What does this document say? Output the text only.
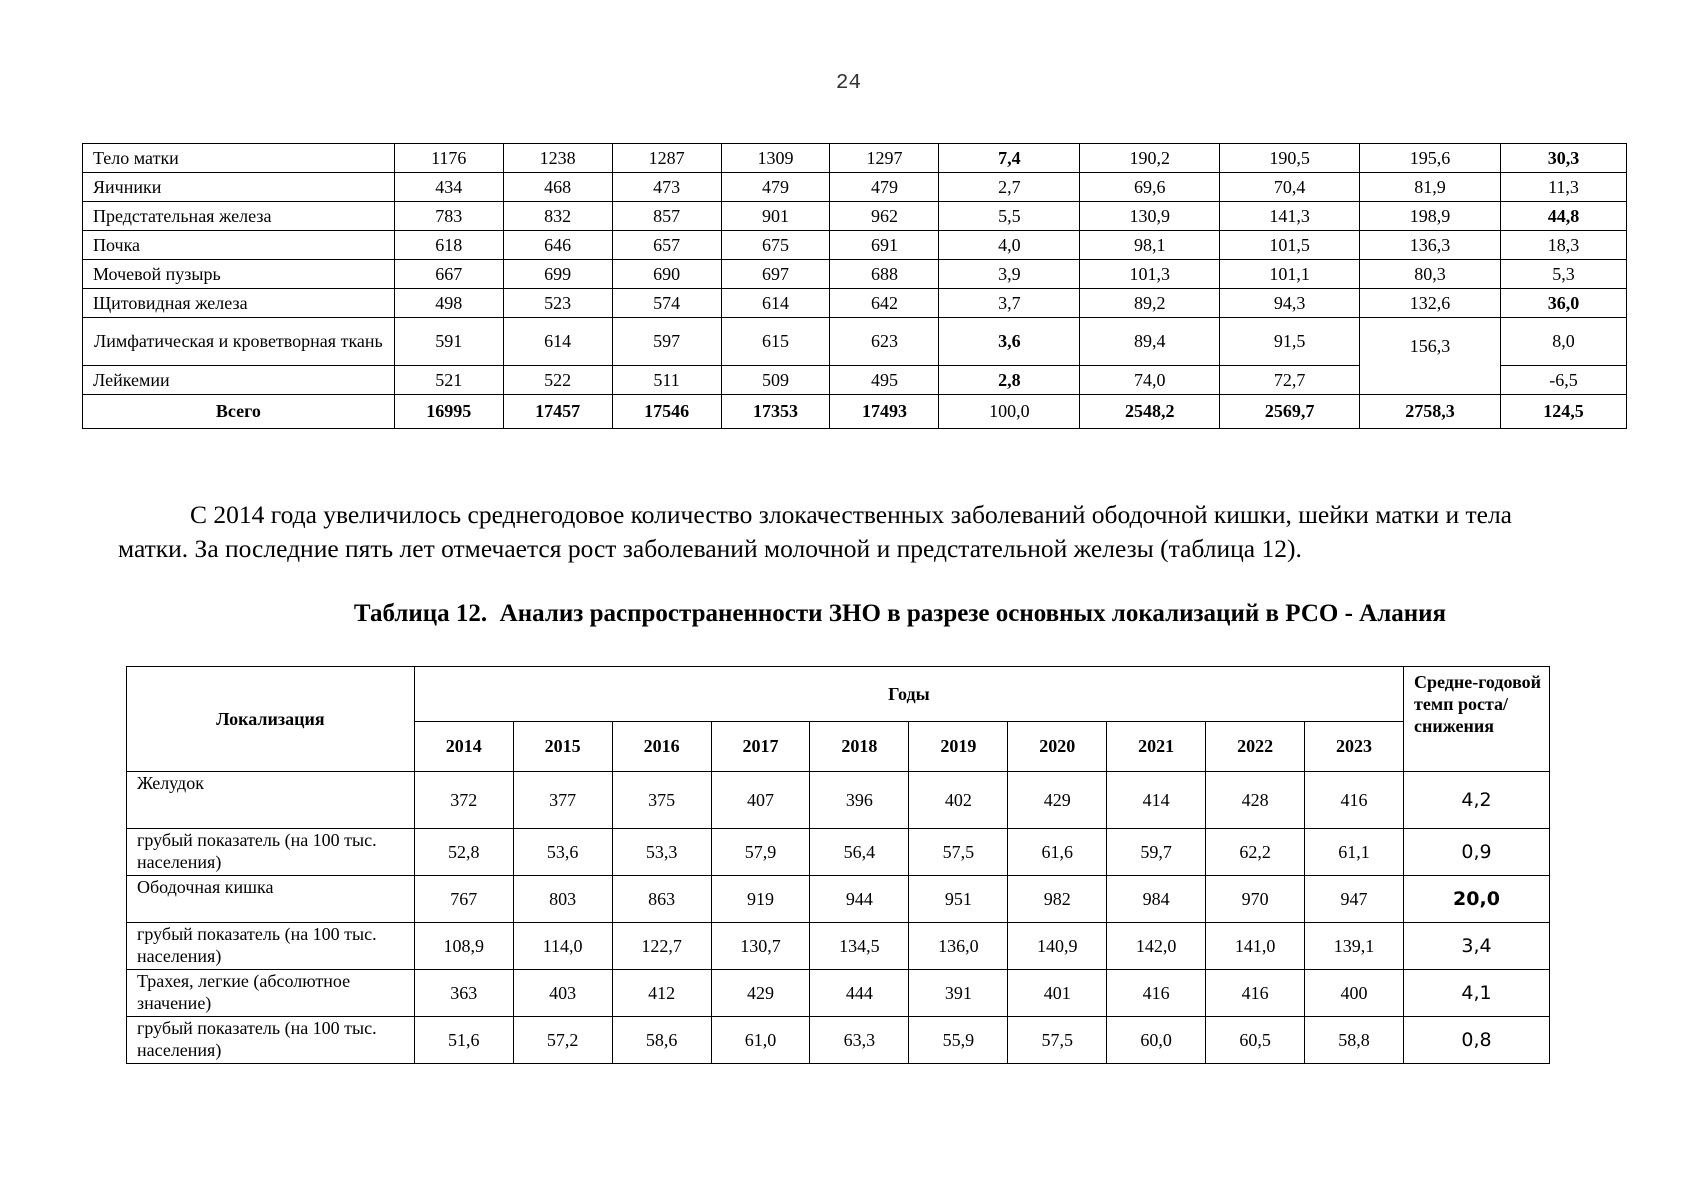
24
Тело матки	1176	1238	1287	1309	1297	7,4	190,2	190,5	195,6	30,3
Яичники	434	468	473	479	479	2,7	69,6	70,4	81,9	11,3
Предстательная железа	783	832	857	901	962	5,5	130,9	141,3	198,9	44,8
Почка	618	646	657	675	691	4,0	98,1	101,5	136,3	18,3
Мочевой пузырь	667	699	690	697	688	3,9	101,3	101,1	80,3	5,3
Щитовидная железа	498	523	574	614	642	3,7	89,2	94,3	132,6	36,0
Лимфатическая и кроветворная ткань	591	614	597	615	623	3,6	89,4	91,5	156,3	8,0
Лейкемии	521	522	511	509	495	2,8	74,0	72,7		-6,5
Всего	16995	17457	17546	17353	17493	100,0	2548,2	2569,7	2758,3	124,5

С 2014 года увеличилось среднегодовое количество злокачественных заболеваний ободочной кишки, шейки матки и тела матки. За последние пять лет отмечается рост заболеваний молочной и предстательной железы (таблица 12).

Таблица 12.  Анализ распространенности ЗНО в разрезе основных локализаций в РСО - Алания

Локализация	Годы										Средне-годовой темп роста/ снижения
	2014	2015	2016	2017	2018	2019	2020	2021	2022	2023	
Желудок	372	377	375	407	396	402	429	414	428	416	4,2
грубый показатель (на 100 тыс. населения)	52,8	53,6	53,3	57,9	56,4	57,5	61,6	59,7	62,2	61,1	0,9
Ободочная кишка	767	803	863	919	944	951	982	984	970	947	20,0
грубый показатель (на 100 тыс. населения)	108,9	114,0	122,7	130,7	134,5	136,0	140,9	142,0	141,0	139,1	3,4
Трахея, легкие (абсолютное значение)	363	403	412	429	444	391	401	416	416	400	4,1
грубый показатель (на 100 тыс. населения)	51,6	57,2	58,6	61,0	63,3	55,9	57,5	60,0	60,5	58,8	0,8
